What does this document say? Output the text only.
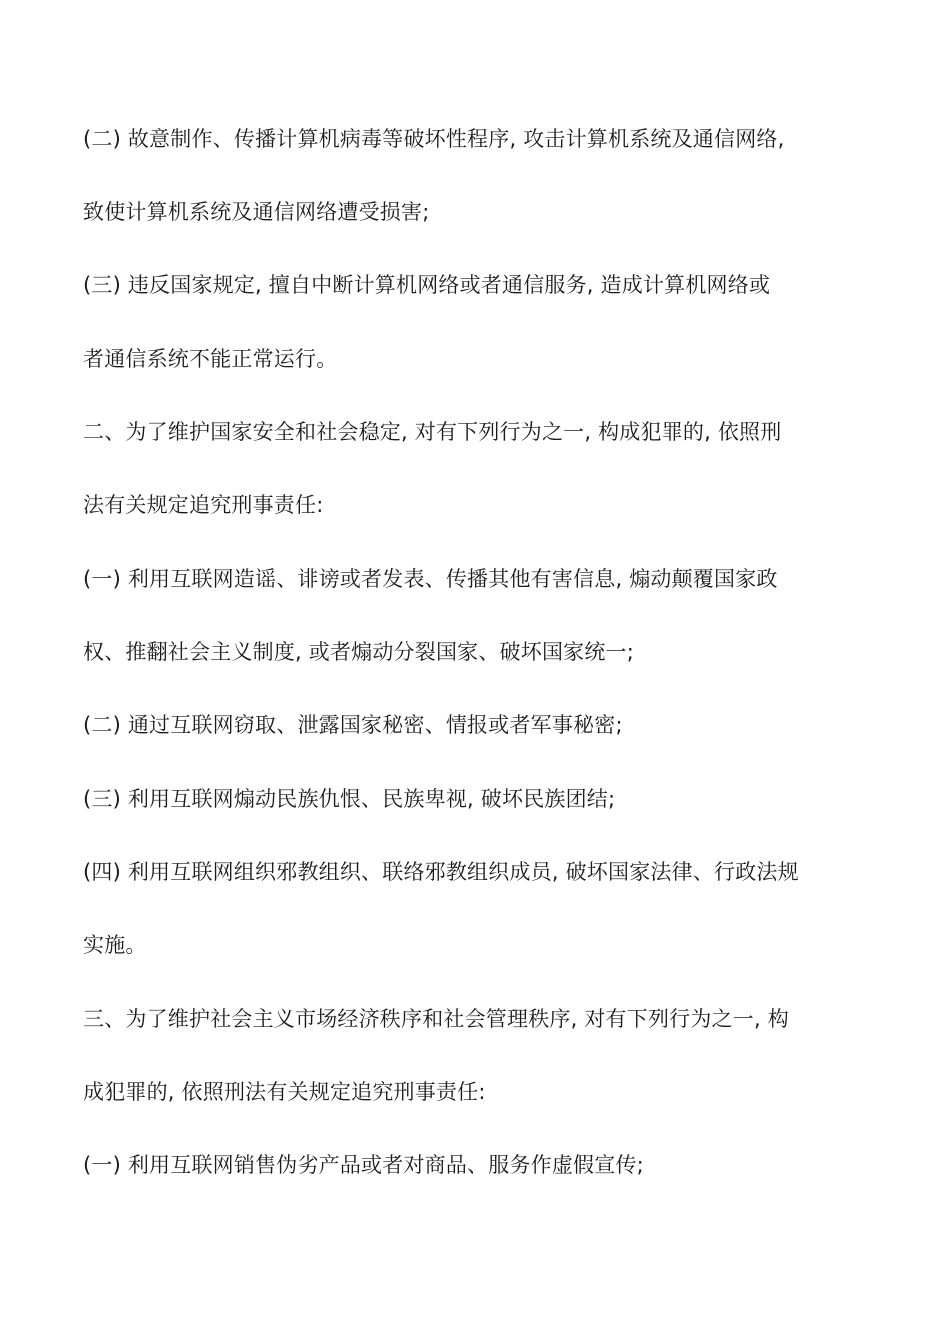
(二) 故意制作、传播计算机病毒等破坏性程序, 攻击计算机系统及通信网络,
致使计算机系统及通信网络遭受损害;
(三) 违反国家规定, 擅自中断计算机网络或者通信服务, 造成计算机网络或
者通信系统不能正常运行。
二、为了维护国家安全和社会稳定, 对有下列行为之一, 构成犯罪的, 依照刑
法有关规定追究刑事责任:
(一) 利用互联网造谣、诽谤或者发表、传播其他有害信息, 煽动颠覆国家政
权、推翻社会主义制度, 或者煽动分裂国家、破坏国家统一;
(二) 通过互联网窃取、泄露国家秘密、情报或者军事秘密;
(三) 利用互联网煽动民族仇恨、民族卑视, 破坏民族团结;
(四) 利用互联网组织邪教组织、联络邪教组织成员, 破坏国家法律、行政法规
实施。
三、为了维护社会主义市场经济秩序和社会管理秩序, 对有下列行为之一, 构
成犯罪的, 依照刑法有关规定追究刑事责任:
(一) 利用互联网销售伪劣产品或者对商品、服务作虚假宣传;
